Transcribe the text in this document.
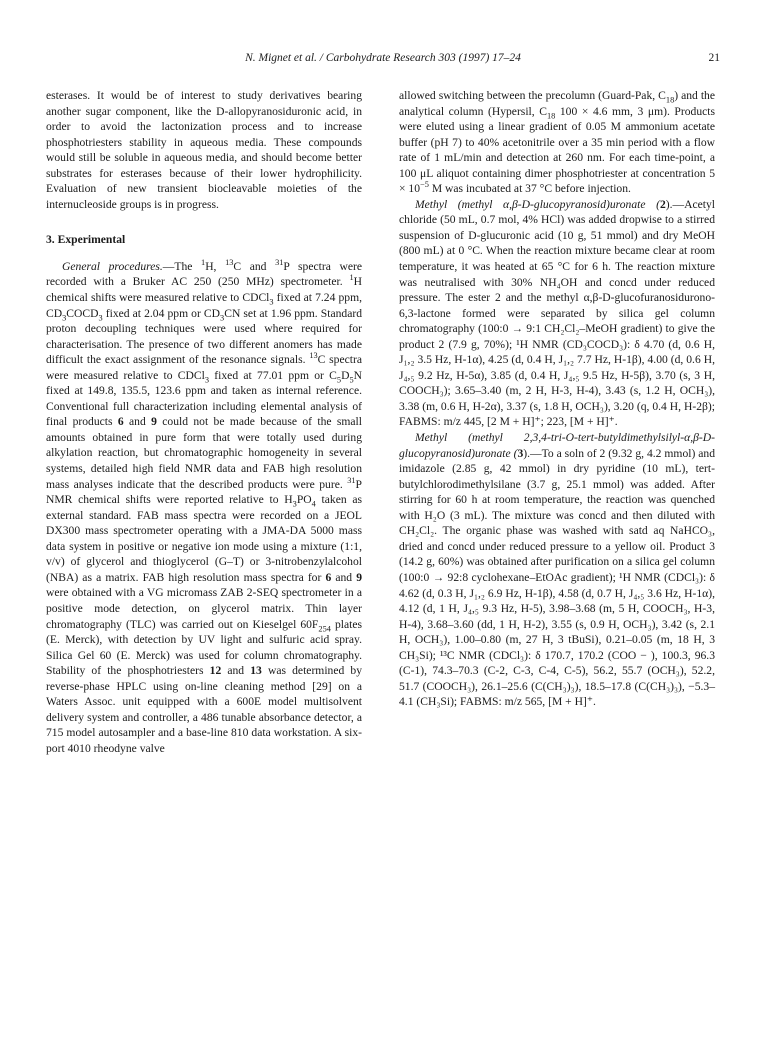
N. Mignet et al. / Carbohydrate Research 303 (1997) 17–24	21

esterases. It would be of interest to study derivatives bearing another sugar component, like the D-allopyranosiduronic acid, in order to avoid the lactonization process and to increase phosphotriesters stability in aqueous media. These compounds would still be soluble in aqueous media, and should become better substrates for esterases because of their lower hydrophilicity. Evaluation of new transient biocleavable moieties of the internucleoside groups is in progress.

3. Experimental

General procedures.—The $^1$H, $^{13}$C and $^{31}$P spectra were recorded with a Bruker AC 250 (250 MHz) spectrometer. $^1$H chemical shifts were measured relative to CDCl$_3$ fixed at 7.24 ppm, $CD_3COCD_3$ fixed at 2.04 ppm or $CD_3CN$ set at 1.96 ppm. Standard proton decoupling techniques were used where required for characterisation. The presence of two different anomers has made difficult the exact assignment of the resonance signals. $^{13}$C spectra were measured relative to CDCl$_3$ fixed at 77.01 ppm or $C_5D_5N$ fixed at 149.8, 135.5, 123.6 ppm and taken as internal reference. Conventional full characterization including elemental analysis of final products 6 and 9 could not be made because of the small amounts obtained in pure form that were totally used during alkylation reaction, but chromatographic homogeneity in several systems, detailed high field NMR data and FAB high resolution mass analyses indicate that the described products were pure. $^{31}$P NMR chemical shifts were reported relative to $H_3PO_4$ taken as external standard. FAB mass spectra were recorded on a JEOL DX300 mass spectrometer operating with a JMA-DA 5000 mass data system in positive or negative ion mode using a mixture (1:1, v/v) of glycerol and thioglycerol (G–T) or 3-nitrobenzylalcohol (NBA) as a matrix. FAB high resolution mass spectra for 6 and 9 were obtained with a VG micromass ZAB 2-SEQ spectrometer in a positive mode detection, on glycerol matrix. Thin layer chromatography (TLC) was carried out on Kieselgel $60F_{254}$ plates (E. Merck), with detection by UV light and sulfuric acid spray. Silica Gel 60 (E. Merck) was used for column chromatography. Stability of the phosphotriesters 12 and 13 was determined by reverse-phase HPLC using on-line cleaning method [29] on a Waters Assoc. unit equipped with a 600E model multisolvent delivery system and controller, a 486 tunable absorbance detector, a 715 model autosampler and a base-line 810 data workstation. A six-port 4010 rheodyne valve

allowed switching between the precolumn (Guard-Pak, $C_{18}$) and the analytical column (Hypersil, $C_{18}$ 100 × 4.6 mm, 3 μm). Products were eluted using a linear gradient of 0.05 M ammonium acetate buffer (pH 7) to 40% acetonitrile over a 35 min period with a flow rate of 1 mL/min and detection at 260 nm. For each time-point, a 100 μL aliquot containing dimer phosphotriester at concentration $5 \times 10^{-5}$ M was incubated at 37 °C before injection.

Methyl (methyl α,β-D-glucopyranosid)uronate (2).—Acetyl chloride (50 mL, 0.7 mol, 4% HCl) was added dropwise to a stirred suspension of D-glucuronic acid (10 g, 51 mmol) and dry MeOH (800 mL) at 0 °C. When the reaction mixture became clear at room temperature, it was heated at 65 °C for 6 h. The reaction mixture was neutralised with 30% NH₄OH and concd under reduced pressure. The ester 2 and the methyl α,β-D-glucofuranosidurono-6,3-lactone formed were separated by silica gel column chromatography (100:0 → 9:1 CH₂Cl₂–MeOH gradient) to give the product 2 (7.9 g, 70%); ¹H NMR (CD₃COCD₃): δ 4.70 (d, 0.6 H, J₁,₂ 3.5 Hz, H-1α), 4.25 (d, 0.4 H, J₁,₂ 7.7 Hz, H-1β), 4.00 (d, 0.6 H, J₄,₅ 9.2 Hz, H-5α), 3.85 (d, 0.4 H, J₄,₅ 9.5 Hz, H-5β), 3.70 (s, 3 H, COOCH₃); 3.65–3.40 (m, 2 H, H-3, H-4), 3.43 (s, 1.2 H, OCH₃), 3.38 (m, 0.6 H, H-2α), 3.37 (s, 1.8 H, OCH₃), 3.20 (q, 0.4 H, H-2β); FABMS: m/z 445, [2 M + H]⁺; 223, [M + H]⁺.

Methyl (methyl 2,3,4-tri-O-tert-butyldimethylsilyl-α,β-D-glucopyranosid)uronate (3).—To a soln of 2 (9.32 g, 4.2 mmol) and imidazole (2.85 g, 42 mmol) in dry pyridine (10 mL), tert-butylchlorodimethylsilane (3.7 g, 25.1 mmol) was added. After stirring for 60 h at room temperature, the reaction was quenched with H₂O (3 mL). The mixture was concd and then diluted with CH₂Cl₂. The organic phase was washed with satd aq NaHCO₃, dried and concd under reduced pressure to a yellow oil. Product 3 (14.2 g, 60%) was obtained after purification on a silica gel column (100:0 → 92:8 cyclohexane–EtOAc gradient); ¹H NMR (CDCl₃): δ 4.62 (d, 0.3 H, J₁,₂ 6.9 Hz, H-1β), 4.58 (d, 0.7 H, J₄,₅ 3.6 Hz, H-1α), 4.12 (d, 1 H, J₄,₅ 9.3 Hz, H-5), 3.98–3.68 (m, 5 H, COOCH₃, H-3, H-4), 3.68–3.60 (dd, 1 H, H-2), 3.55 (s, 0.9 H, OCH₃), 3.42 (s, 2.1 H, OCH₃), 1.00–0.80 (m, 27 H, 3 tBuSi), 0.21–0.05 (m, 18 H, 3 CH₃Si); ¹³C NMR (CDCl₃): δ 170.7, 170.2 (COO − ), 100.3, 96.3 (C-1), 74.3–70.3 (C-2, C-3, C-4, C-5), 56.2, 55.7 (OCH₃), 52.2, 51.7 (COOCH₃), 26.1–25.6 (C(CH₃)₃), 18.5–17.8 (C(CH₃)₃), −5.3–4.1 (CH₃Si); FABMS: m/z 565, [M + H]⁺.
